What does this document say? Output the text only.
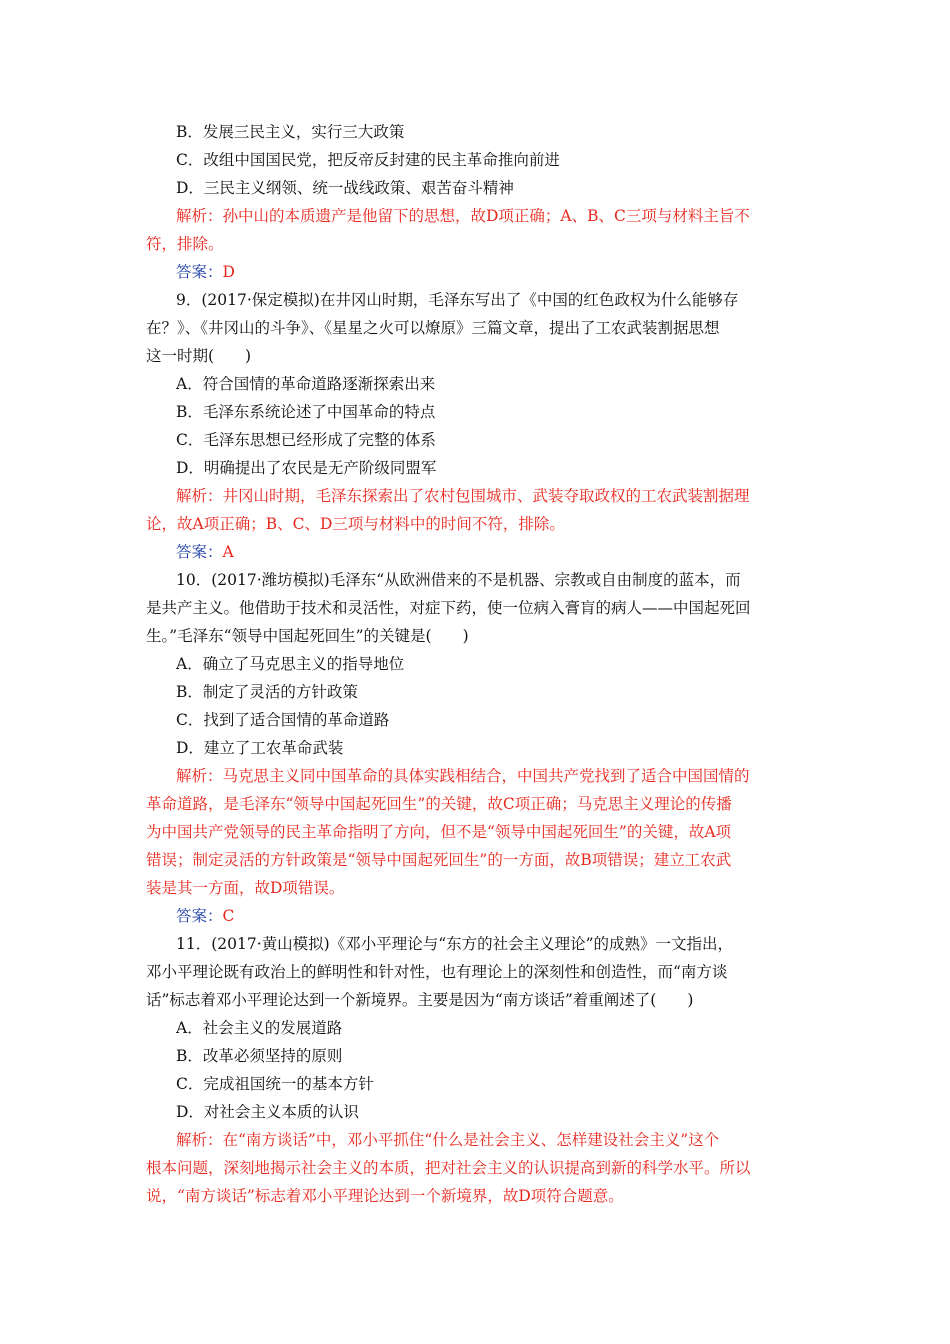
B．发展三民主义，实行三大政策
C．改组中国国民党，把反帝反封建的民主革命推向前进
D．三民主义纲领、统一战线政策、艰苦奋斗精神
解析：孙中山的本质遗产是他留下的思想，故D项正确；A、B、C三项与材料主旨不
符，排除。
答案：D
9．(2017·保定模拟)在井冈山时期，毛泽东写出了《中国的红色政权为什么能够存
在？》、《井冈山的斗争》、《星星之火可以燎原》三篇文章，提出了工农武装割据思想
这一时期(　　)
A．符合国情的革命道路逐渐探索出来
B．毛泽东系统论述了中国革命的特点
C．毛泽东思想已经形成了完整的体系
D．明确提出了农民是无产阶级同盟军
解析：井冈山时期，毛泽东探索出了农村包围城市、武装夺取政权的工农武装割据理
论，故A项正确；B、C、D三项与材料中的时间不符，排除。
答案：A
10．(2017·潍坊模拟)毛泽东“从欧洲借来的不是机器、宗教或自由制度的蓝本，而
是共产主义。他借助于技术和灵活性，对症下药，使一位病入膏肓的病人——中国起死回
生。”毛泽东“领导中国起死回生”的关键是(　　)
A．确立了马克思主义的指导地位
B．制定了灵活的方针政策
C．找到了适合国情的革命道路
D．建立了工农革命武装
解析：马克思主义同中国革命的具体实践相结合，中国共产党找到了适合中国国情的
革命道路，是毛泽东“领导中国起死回生”的关键，故C项正确；马克思主义理论的传播
为中国共产党领导的民主革命指明了方向，但不是“领导中国起死回生”的关键，故A项
错误；制定灵活的方针政策是“领导中国起死回生”的一方面，故B项错误；建立工农武
装是其一方面，故D项错误。
答案：C
11．(2017·黄山模拟)《邓小平理论与“东方的社会主义理论”的成熟》一文指出，
邓小平理论既有政治上的鲜明性和针对性，也有理论上的深刻性和创造性，而“南方谈
话”标志着邓小平理论达到一个新境界。主要是因为“南方谈话”着重阐述了(　　)
A．社会主义的发展道路
B．改革必须坚持的原则
C．完成祖国统一的基本方针
D．对社会主义本质的认识
解析：在“南方谈话”中，邓小平抓住“什么是社会主义、怎样建设社会主义”这个
根本问题，深刻地揭示社会主义的本质，把对社会主义的认识提高到新的科学水平。所以
说，“南方谈话”标志着邓小平理论达到一个新境界，故D项符合题意。
